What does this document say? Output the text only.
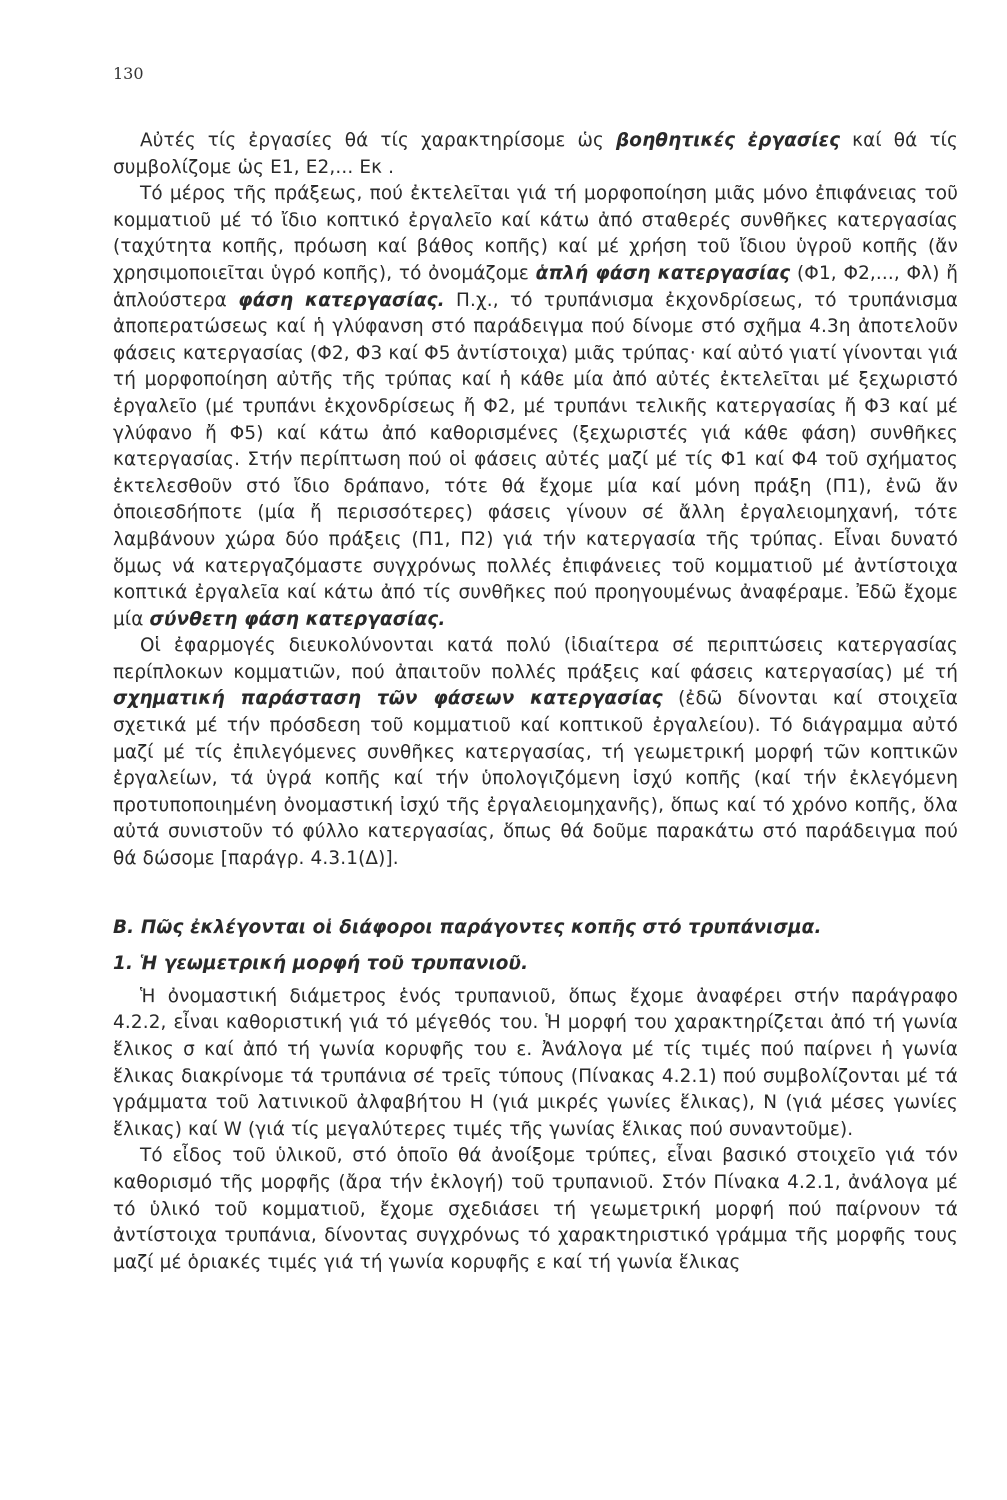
130

Αὐτές τίς ἐργασίες θά τίς χαρακτηρίσομε ὡς βοηθητικές ἐργασίες καί θά τίς συμβολίζομε ὡς Ε1, Ε2,... Εκ .

Τό μέρος τῆς πράξεως, πού ἐκτελεῖται γιά τή μορφοποίηση μιᾶς μόνο ἐπιφάνειας τοῦ κομματιοῦ μέ τό ἴδιο κοπτικό ἐργαλεῖο καί κάτω ἀπό σταθερές συνθῆκες κατεργασίας (ταχύτητα κοπῆς, πρόωση καί βάθος κοπῆς) καί μέ χρήση τοῦ ἴδιου ὑγροῦ κοπῆς (ἄν χρησιμοποιεῖται ὑγρό κοπῆς), τό ὀνομάζομε ἁπλή φάση κατεργασίας (Φ1, Φ2,..., Φλ) ἤ ἁπλούστερα φάση κατεργασίας. Π.χ., τό τρυπάνισμα ἐκχονδρίσεως, τό τρυπάνισμα ἀποπερατώσεως καί ἡ γλύφανση στό παράδειγμα πού δίνομε στό σχῆμα 4.3η ἀποτελοῦν φάσεις κατεργασίας (Φ2, Φ3 καί Φ5 ἀντίστοιχα) μιᾶς τρύπας· καί αὐτό γιατί γίνονται γιά τή μορφοποίηση αὐτῆς τῆς τρύπας καί ἡ κάθε μία ἀπό αὐτές ἐκτελεῖται μέ ξεχωριστό ἐργαλεῖο (μέ τρυπάνι ἐκχονδρίσεως ἤ Φ2, μέ τρυπάνι τελικῆς κατεργασίας ἤ Φ3 καί μέ γλύφανο ἤ Φ5) καί κάτω ἀπό καθορισμένες (ξεχωριστές γιά κάθε φάση) συνθῆκες κατεργασίας. Στήν περίπτωση πού οἱ φάσεις αὐτές μαζί μέ τίς Φ1 καί Φ4 τοῦ σχήματος ἐκτελεσθοῦν στό ἴδιο δράπανο, τότε θά ἔχομε μία καί μόνη πράξη (Π1), ἐνῶ ἄν ὁποιεσδήποτε (μία ἤ περισσότερες) φάσεις γίνουν σέ ἄλλη ἐργαλειομηχανή, τότε λαμβάνουν χώρα δύο πράξεις (Π1, Π2) γιά τήν κατεργασία τῆς τρύπας. Εἶναι δυνατό ὅμως νά κατεργαζόμαστε συγχρόνως πολλές ἐπιφάνειες τοῦ κομματιοῦ μέ ἀντίστοιχα κοπτικά ἐργαλεῖα καί κάτω ἀπό τίς συνθῆκες πού προηγουμένως ἀναφέραμε. Ἐδῶ ἔχομε μία σύνθετη φάση κατεργασίας.

Οἱ ἐφαρμογές διευκολύνονται κατά πολύ (ἰδιαίτερα σέ περιπτώσεις κατεργασίας περίπλοκων κομματιῶν, πού ἀπαιτοῦν πολλές πράξεις καί φάσεις κατεργασίας) μέ τή σχηματική παράσταση τῶν φάσεων κατεργασίας (ἐδῶ δίνονται καί στοιχεῖα σχετικά μέ τήν πρόσδεση τοῦ κομματιοῦ καί κοπτικοῦ ἐργαλείου). Τό διάγραμμα αὐτό μαζί μέ τίς ἐπιλεγόμενες συνθῆκες κατεργασίας, τή γεωμετρική μορφή τῶν κοπτικῶν ἐργαλείων, τά ὑγρά κοπῆς καί τήν ὑπολογιζόμενη ἰσχύ κοπῆς (καί τήν ἐκλεγόμενη προτυποποιημένη ὀνομαστική ἰσχύ τῆς ἐργαλειομηχανῆς), ὅπως καί τό χρόνο κοπῆς, ὅλα αὐτά συνιστοῦν τό φύλλο κατεργασίας, ὅπως θά δοῦμε παρακάτω στό παράδειγμα πού θά δώσομε [παράγρ. 4.3.1(Δ)].

Β. Πῶς ἐκλέγονται οἱ διάφοροι παράγοντες κοπῆς στό τρυπάνισμα.
1. Ἡ γεωμετρική μορφή τοῦ τρυπανιοῦ.

Ἡ ὀνομαστική διάμετρος ἑνός τρυπανιοῦ, ὅπως ἔχομε ἀναφέρει στήν παράγραφο 4.2.2, εἶναι καθοριστική γιά τό μέγεθός του. Ἡ μορφή του χαρακτηρίζεται ἀπό τή γωνία ἕλικος σ καί ἀπό τή γωνία κορυφῆς του ε. Ἀνάλογα μέ τίς τιμές πού παίρνει ἡ γωνία ἕλικας διακρίνομε τά τρυπάνια σέ τρεῖς τύπους (Πίνακας 4.2.1) πού συμβολίζονται μέ τά γράμματα τοῦ λατινικοῦ ἀλφαβήτου H (γιά μικρές γωνίες ἕλικας), N (γιά μέσες γωνίες ἕλικας) καί W (γιά τίς μεγαλύτερες τιμές τῆς γωνίας ἕλικας πού συναντοῦμε).

Τό εἶδος τοῦ ὑλικοῦ, στό ὁποῖο θά ἀνοίξομε τρύπες, εἶναι βασικό στοιχεῖο γιά τόν καθορισμό τῆς μορφῆς (ἄρα τήν ἐκλογή) τοῦ τρυπανιοῦ. Στόν Πίνακα 4.2.1, ἀνάλογα μέ τό ὑλικό τοῦ κομματιοῦ, ἔχομε σχεδιάσει τή γεωμετρική μορφή πού παίρνουν τά ἀντίστοιχα τρυπάνια, δίνοντας συγχρόνως τό χαρακτηριστικό γράμμα τῆς μορφῆς τους μαζί μέ ὁριακές τιμές γιά τή γωνία κορυφῆς ε καί τή γωνία ἕλικας
